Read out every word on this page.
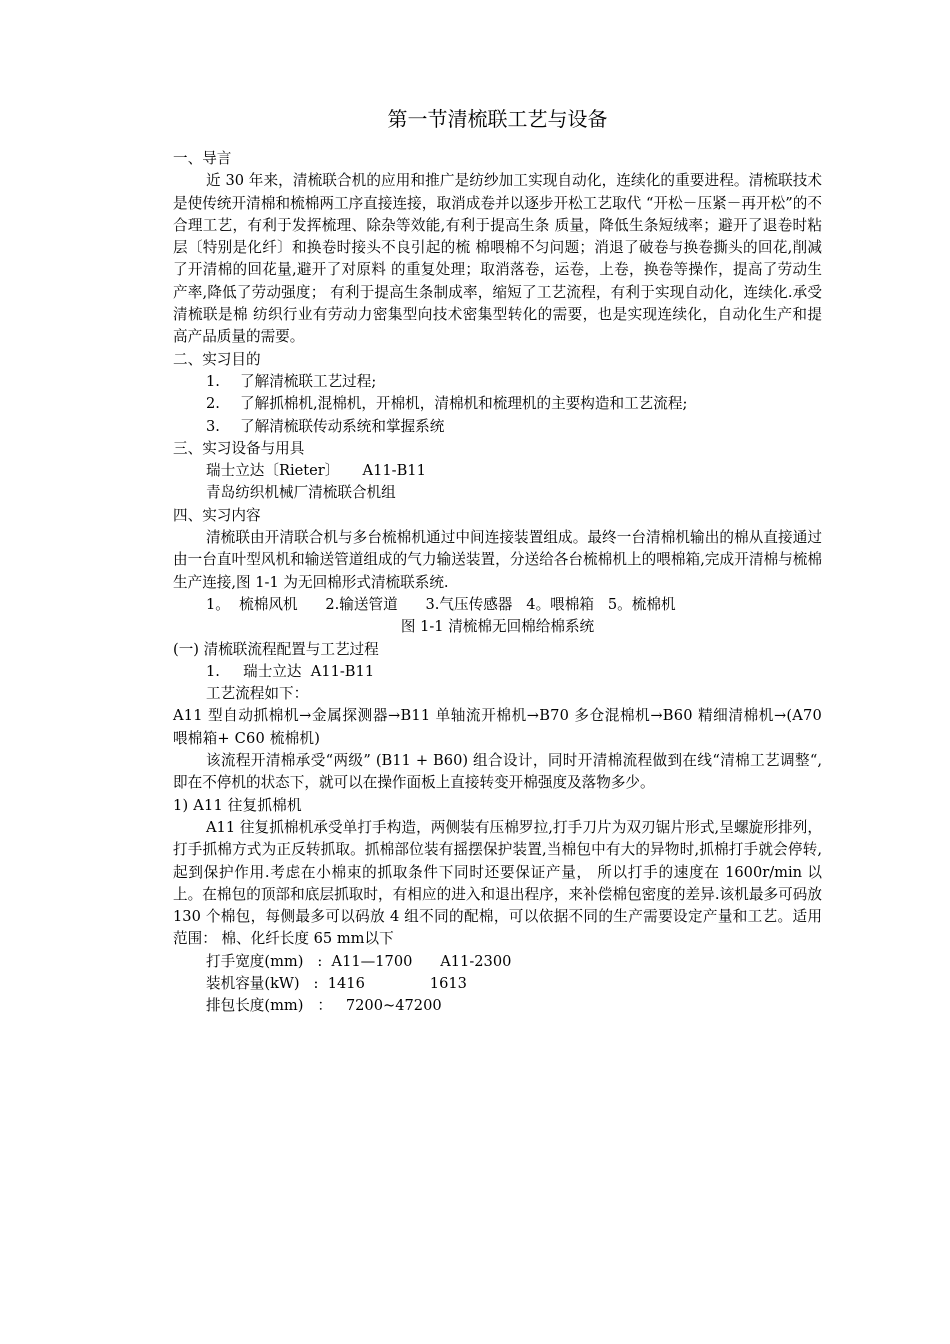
第一节清梳联工艺与设备
一、导言

近 30 年来，清梳联合机的应用和推广是纺纱加工实现自动化，连续化的重要进程。清梳联技术是使传统开清棉和梳棉两工序直接连接，取消成卷并以逐步开松工艺取代 “开松－压紧－再开松”的不合理工艺，有利于发挥梳理、除杂等效能,有利于提高生条 质量，降低生条短绒率；避开了退卷时粘层〔特别是化纤〕和换卷时接头不良引起的梳 棉喂棉不匀问题；消退了破卷与换卷撕头的回花,削减了开清棉的回花量,避开了对原料 的重复处理；取消落卷，运卷，上卷，换卷等操作，提高了劳动生产率,降低了劳动强度； 有利于提高生条制成率，缩短了工艺流程，有利于实现自动化，连续化.承受清梳联是棉 纺织行业有劳动力密集型向技术密集型转化的需要，也是实现连续化，自动化生产和提 高产品质量的需要。

二、实习目的
1. 了解清梳联工艺过程;
2. 了解抓棉机,混棉机，开棉机，清棉机和梳理机的主要构造和工艺流程;
3. 了解清梳联传动系统和掌握系统
三、实习设备与用具
瑞士立达〔Rieter〕     A11-B11
青岛纺织机械厂清梳联合机组
四、实习内容

清梳联由开清联合机与多台梳棉机通过中间连接装置组成。最终一台清棉机输出的棉从直接通过由一台直叶型风机和输送管道组成的气力输送装置，分送给各台梳棉机上的喂棉箱,完成开清棉与梳棉生产连接,图 1-1 为无回棉形式清梳联系统.

1。  梳棉风机      2.输送管道      3.气压传感器   4。喂棉箱   5。梳棉机
图 1-1 清梳棉无回棉给棉系统
(一) 清梳联流程配置与工艺过程
1.     瑞士立达  A11-B11
工艺流程如下：

A11 型自动抓棉机→金属探测器→B11 单轴流开棉机→B70 多仓混棉机→B60 精细清棉机→(A70 喂棉箱+ C60 梳棉机)

该流程开清棉承受“两级” (B11 + B60) 组合设计，同时开清棉流程做到在线“清棉工艺调整“,即在不停机的状态下，就可以在操作面板上直接转变开棉强度及落物多少。

1) A11 往复抓棉机

A11 往复抓棉机承受单打手构造，两侧装有压棉罗拉,打手刀片为双刃锯片形式,呈螺旋形排列，打手抓棉方式为正反转抓取。抓棉部位装有摇摆保护装置,当棉包中有大的异物时,抓棉打手就会停转,起到保护作用.考虑在小棉束的抓取条件下同时还要保证产量， 所以打手的速度在 1600r/min 以上。在棉包的顶部和底层抓取时，有相应的进入和退出程序，来补偿棉包密度的差异.该机最多可码放 130 个棉包，每侧最多可以码放 4 组不同的配棉，可以依据不同的生产需要设定产量和工艺。适用范围： 棉、化纤长度 65 mm以下

打手宽度(mm)   :  A11—1700      A11-2300
装机容量(kW)   :  1416              1613
排包长度(mm)   ：   7200~47200
